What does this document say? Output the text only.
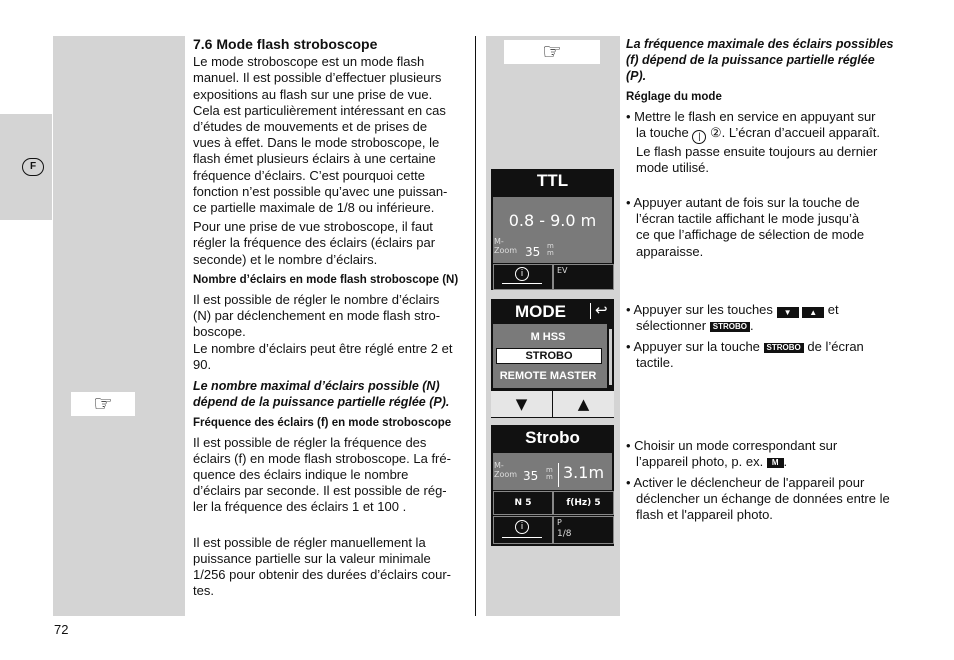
F
☞
☞
7.6 Mode flash stroboscope
Le mode stroboscope est un mode flash
manuel. Il est possible d’effectuer plusieurs
expositions au flash sur une prise de vue.
Cela est particulièrement intéressant en cas
d’études de mouvements et de prises de
vues à effet. Dans le mode stroboscope, le
flash émet plusieurs éclairs à une certaine
fréquence d’éclairs. C’est pourquoi cette
fonction n’est possible qu’avec une puissan-
ce partielle maximale de 1/8 ou inférieure.
Pour une prise de vue stroboscope, il faut
régler la fréquence des éclairs (éclairs par
seconde) et le nombre d’éclairs.
Nombre d’éclairs en mode flash stroboscope (N)
Il est possible de régler le nombre d’éclairs
(N) par déclenchement en mode flash stro-
boscope.
Le nombre d’éclairs peut être réglé entre 2 et
90.
Le nombre maximal d’éclairs possible (N)
dépend de la puissance partielle réglée (P).
Fréquence des éclairs (f) en mode stroboscope
Il est possible de régler la fréquence des
éclairs (f) en mode flash stroboscope. La fré-
quence des éclairs indique le nombre
d’éclairs par seconde. Il est possible de rég-
ler la fréquence des éclairs 1 et 100 .
Il est possible de régler manuellement la
puissance partielle sur la valeur minimale
1/256 pour obtenir des durées d’éclairs cour-
tes.
La fréquence maximale des éclairs possibles
(f) dépend de la puissance partielle réglée
(P).
Réglage du mode
• Mettre le flash en service en appuyant sur
la touche | ②. L’écran d’accueil apparaît.
Le flash passe ensuite toujours au dernier
mode utilisé.
• Appuyer autant de fois sur la touche de
l’écran tactile affichant le mode jusqu’à
ce que l’affichage de sélection de mode
apparaisse.
• Appuyer sur les touches ▼ ▲ et
sélectionner STROBO .
• Appuyer sur la touche STROBO de l’écran
tactile.
• Choisir un mode correspondant sur
l’appareil photo, p. ex. M .
• Activer le déclencheur de l'appareil pour
déclencher un échange de données entre le
flash et l'appareil photo.
TTL
0.8 - 9.0 m
M-
Zoom 35 mm
i	EV
MODE ↩
M HSS
STROBO
REMOTE MASTER
▼	▲
Strobo
M-
Zoom 35 mm 3.1m
N 5	f(Hz) 5
i	P
1/8
72
